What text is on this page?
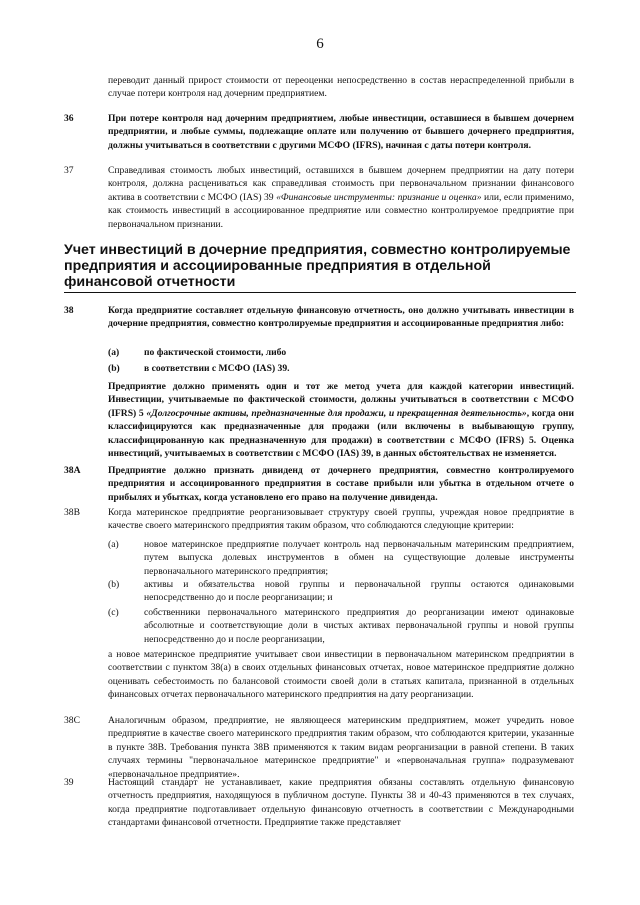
6
переводит данный прирост стоимости от переоценки непосредственно в состав нераспределенной прибыли в случае потери контроля над дочерним предприятием.
36	При потере контроля над дочерним предприятием, любые инвестиции, оставшиеся в бывшем дочернем предприятии, и любые суммы, подлежащие оплате или получению от бывшего дочернего предприятия, должны учитываться в соответствии с другими МСФО (IFRS), начиная с даты потери контроля.
37	Справедливая стоимость любых инвестиций, оставшихся в бывшем дочернем предприятии на дату потери контроля, должна расцениваться как справедливая стоимость при первоначальном признании финансового актива в соответствии с МСФО (IAS) 39 «Финансовые инструменты: признание и оценка» или, если применимо, как стоимость инвестиций в ассоциированное предприятие или совместно контролируемое предприятие при первоначальном признании.
Учет инвестиций в дочерние предприятия, совместно контролируемые предприятия и ассоциированные предприятия в отдельной финансовой отчетности
38	Когда предприятие составляет отдельную финансовую отчетность, оно должно учитывать инвестиции в дочерние предприятия, совместно контролируемые предприятия и ассоциированные предприятия либо:
(a)	по фактической стоимости, либо
(b)	в соответствии с МСФО (IAS) 39.
Предприятие должно применять один и тот же метод учета для каждой категории инвестиций. Инвестиции, учитываемые по фактической стоимости, должны учитываться в соответствии с МСФО (IFRS) 5 «Долгосрочные активы, предназначенные для продажи, и прекращенная деятельность», когда они классифицируются как предназначенные для продажи (или включены в выбывающую группу, классифицированную как предназначенную для продажи) в соответствии с МСФО (IFRS) 5. Оценка инвестиций, учитываемых в соответствии с МСФО (IAS) 39, в данных обстоятельствах не изменяется.
38A	Предприятие должно признать дивиденд от дочернего предприятия, совместно контролируемого предприятия и ассоциированного предприятия в составе прибыли или убытка в отдельном отчете о прибылях и убытках, когда установлено его право на получение дивиденда.
38B	Когда материнское предприятие реорганизовывает структуру своей группы, учреждая новое предприятие в качестве своего материнского предприятия таким образом, что соблюдаются следующие критерии:
(a)	новое материнское предприятие получает контроль над первоначальным материнским предприятием, путем выпуска долевых инструментов в обмен на существующие долевые инструменты первоначального материнского предприятия;
(b)	активы и обязательства новой группы и первоначальной группы остаются одинаковыми непосредственно до и после реорганизации; и
(c)	собственники первоначального материнского предприятия до реорганизации имеют одинаковые абсолютные и соответствующие доли в чистых активах первоначальной группы и новой группы непосредственно до и после реорганизации,
а новое материнское предприятие учитывает свои инвестиции в первоначальном материнском предприятии в соответствии с пунктом 38(a) в своих отдельных финансовых отчетах, новое материнское предприятие должно оценивать себестоимость по балансовой стоимости своей доли в статьях капитала, признанной в отдельных финансовых отчетах первоначального материнского предприятия на дату реорганизации.
38C	Аналогичным образом, предприятие, не являющееся материнским предприятием, может учредить новое предприятие в качестве своего материнского предприятия таким образом, что соблюдаются критерии, указанные в пункте 38В. Требования пункта 38В применяются к таким видам реорганизации в равной степени. В таких случаях термины "первоначальное материнское предприятие" и «первоначальная группа» подразумевают «первоначальное предприятие».
39	Настоящий стандарт не устанавливает, какие предприятия обязаны составлять отдельную финансовую отчетность предприятия, находящуюся в публичном доступе. Пункты 38 и 40-43 применяются в тех случаях, когда предприятие подготавливает отдельную финансовую отчетность в соответствии с Международными стандартами финансовой отчетности. Предприятие также представляет
